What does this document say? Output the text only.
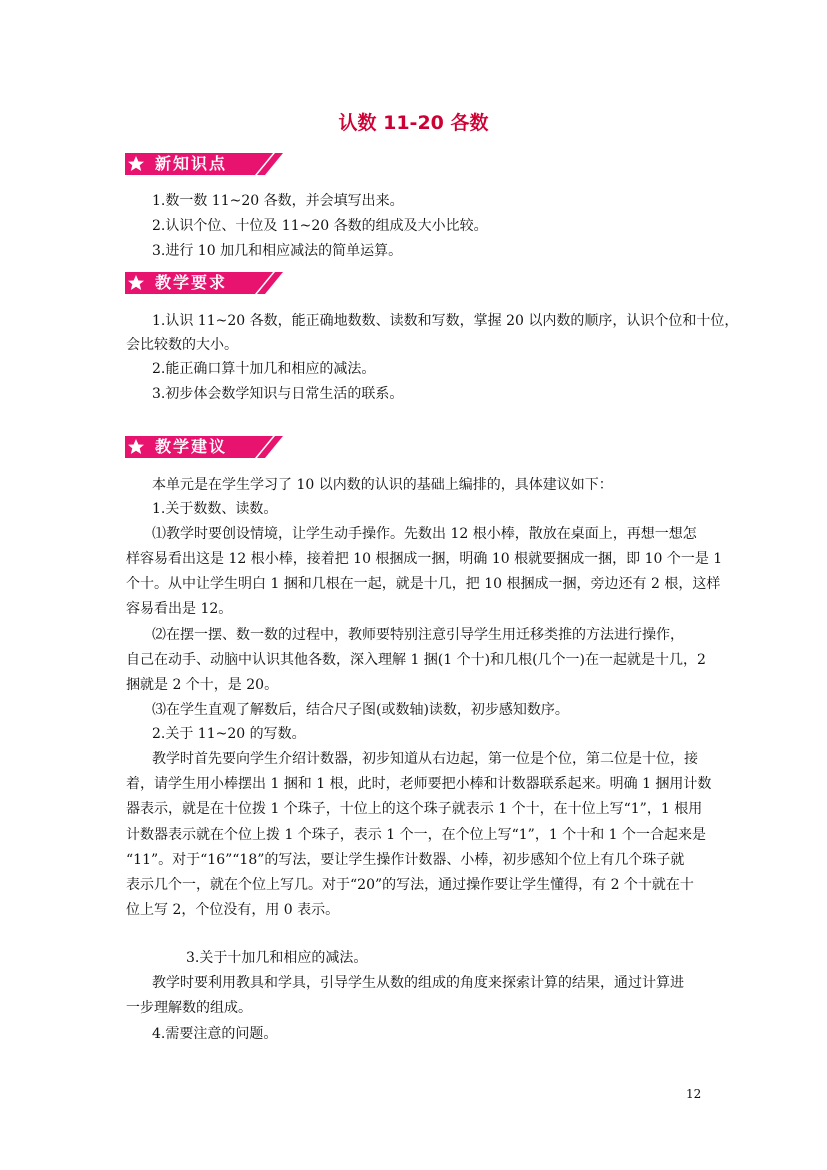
认数 11-20 各数
新知识点
教学要求
教学建议
1.数一数 11~20 各数，并会填写出来。
2.认识个位、十位及 11~20 各数的组成及大小比较。
3.进行 10 加几和相应减法的简单运算。
1.认识 11~20 各数，能正确地数数、读数和写数，掌握 20 以内数的顺序，认识个位和十位，
会比较数的大小。
2.能正确口算十加几和相应的减法。
3.初步体会数学知识与日常生活的联系。
本单元是在学生学习了 10 以内数的认识的基础上编排的，具体建议如下：
1.关于数数、读数。
⑴教学时要创设情境，让学生动手操作。先数出 12 根小棒，散放在桌面上，再想一想怎
样容易看出这是 12 根小棒，接着把 10 根捆成一捆，明确 10 根就要捆成一捆，即 10 个一是 1
个十。从中让学生明白 1 捆和几根在一起，就是十几，把 10 根捆成一捆，旁边还有 2 根，这样
容易看出是 12。
⑵在摆一摆、数一数的过程中，教师要特别注意引导学生用迁移类推的方法进行操作，
自己在动手、动脑中认识其他各数，深入理解 1 捆(1 个十)和几根(几个一)在一起就是十几，2
捆就是 2 个十，是 20。
⑶在学生直观了解数后，结合尺子图(或数轴)读数，初步感知数序。
2.关于 11~20 的写数。
教学时首先要向学生介绍计数器，初步知道从右边起，第一位是个位，第二位是十位，接
着，请学生用小棒摆出 1 捆和 1 根，此时，老师要把小棒和计数器联系起来。明确 1 捆用计数
器表示，就是在十位拨 1 个珠子，十位上的这个珠子就表示 1 个十，在十位上写“1”，1 根用
计数器表示就在个位上拨 1 个珠子，表示 1 个一，在个位上写“1”，1 个十和 1 个一合起来是
“11”。对于“16”“18”的写法，要让学生操作计数器、小棒，初步感知个位上有几个珠子就
表示几个一，就在个位上写几。对于“20”的写法，通过操作要让学生懂得，有 2 个十就在十
位上写 2，个位没有，用 0 表示。
3.关于十加几和相应的减法。
教学时要利用教具和学具，引导学生从数的组成的角度来探索计算的结果，通过计算进
一步理解数的组成。
4.需要注意的问题。
12
